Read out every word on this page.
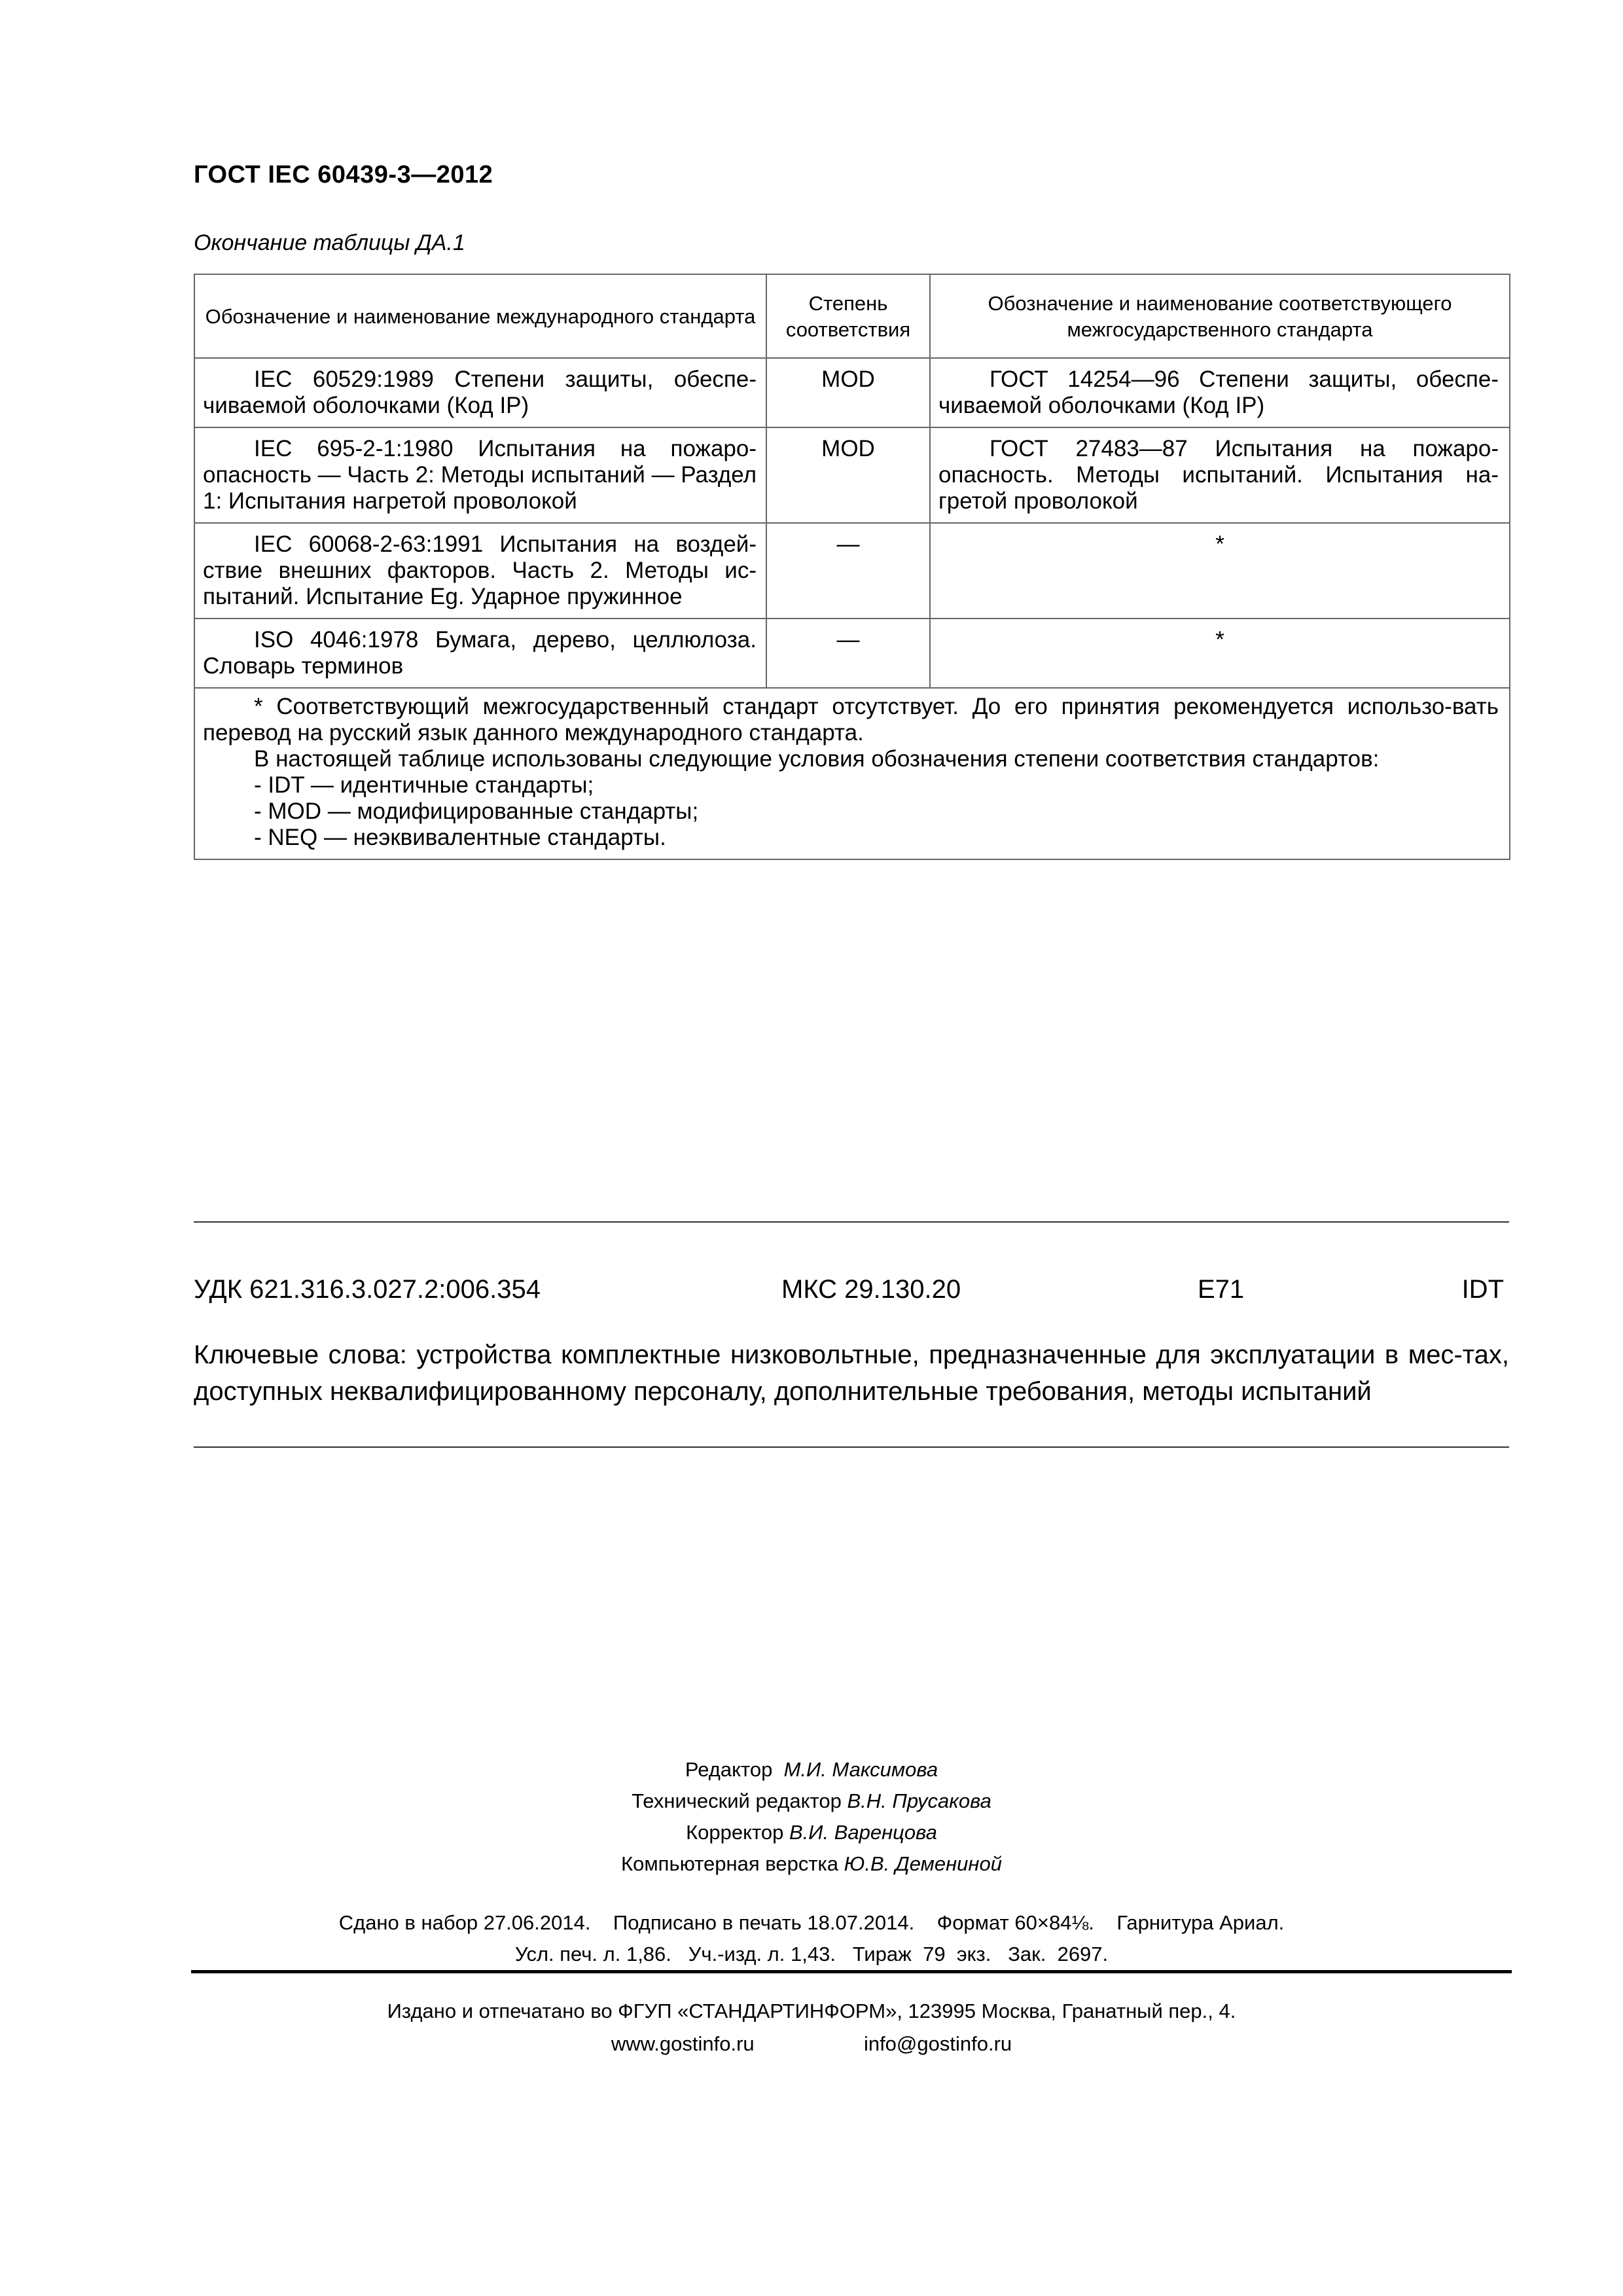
ГОСТ IEC 60439-3—2012
Окончание таблицы ДА.1
Обозначение и наименование международного стандарта	Степень соответствия	Обозначение и наименование соответствующего межгосударственного стандарта
IEC 60529:1989 Степени защиты, обеспе-чиваемой оболочками (Код IP)	MOD	ГОСТ 14254—96 Степени защиты, обеспе-чиваемой оболочками (Код IP)
IEC 695-2-1:1980 Испытания на пожаро-опасность — Часть 2: Методы испытаний — Раздел 1: Испытания нагретой проволокой	MOD	ГОСТ 27483—87 Испытания на пожаро-опасность. Методы испытаний. Испытания на-гретой проволокой
IEC 60068-2-63:1991 Испытания на воздей-ствие внешних факторов. Часть 2. Методы ис-пытаний. Испытание Eg. Ударное пружинное	—	*
ISO 4046:1978 Бумага, дерево, целлюлоза. Словарь терминов	—	*

* Соответствующий межгосударственный стандарт отсутствует. До его принятия рекомендуется использо-вать перевод на русский язык данного международного стандарта.

В настоящей таблице использованы следующие условия обозначения степени соответствия стандартов:

- IDT — идентичные стандарты;

- MOD — модифицированные стандарты;

- NEQ — неэквивалентные стандарты.		

УДК 621.316.3.027.2:006.354	МКС 29.130.20	E71	IDT
Ключевые слова: устройства комплектные низковольтные, предназначенные для эксплуатации в мес-тах, доступных неквалифицированному персоналу, дополнительные требования, методы испытаний

Редактор М.И. Максимова

Технический редактор В.Н. Прусакова

Корректор В.И. Варенцова

Компьютерная верстка Ю.В. Демениной

Сдано в набор 27.06.2014.    Подписано в печать 18.07.2014.    Формат 60×84⅛.    Гарнитура Ариал.

Усл. печ. л. 1,86.   Уч.-изд. л. 1,43.   Тираж  79  экз.   Зак.  2697.

Издано и отпечатано во ФГУП «СТАНДАРТИНФОРМ», 123995 Москва, Гранатный пер., 4.

www.gostinfo.ru	info@gostinfo.ru
